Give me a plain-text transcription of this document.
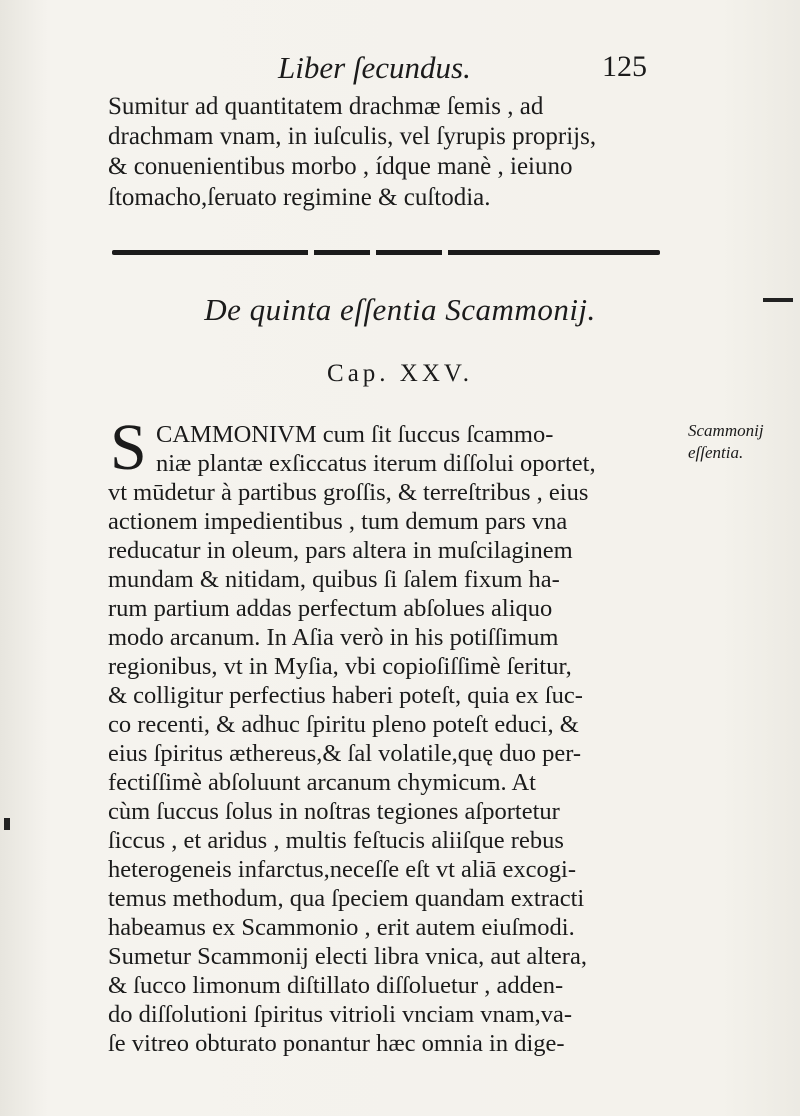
Liber ſecundus.	125
Sumitur ad quantitatem drachmæ ſemis , ad
drachmam vnam, in iuſculis, vel ſyrupis proprijs,
& conuenientibus morbo , ídque manè , ieiuno
ſtomacho,ſeruato regimine & cuſtodia.
De quinta eſſentia Scammonij.
Cap. XXV.
S CAMMONIVM cum ſit ſuccus ſcammo-
niæ plantæ exſiccatus iterum diſſolui oportet,
vt mūdetur à partibus groſſis, & terreſtribus , eius
actionem impedientibus , tum demum pars vna
reducatur in oleum, pars altera in muſcilaginem
mundam & nitidam, quibus ſi ſalem fixum ha-
rum partium addas perfectum abſolues aliquo
modo arcanum. In Aſia verò in his potiſſimum
regionibus, vt in Myſia, vbi copioſiſſimè ſeritur,
& colligitur perfectius haberi poteſt, quia ex ſuc-
co recenti, & adhuc ſpiritu pleno poteſt educi, &
eius ſpiritus æthereus,& ſal volatile,quę duo per-
fectiſſimè abſoluunt arcanum chymicum. At
cùm ſuccus ſolus in noſtras tegiones aſportetur
ſiccus , et aridus , multis feſtucis aliiſque rebus
heterogeneis infarctus,neceſſe eſt vt aliā excogi-
temus methodum, qua ſpeciem quandam extracti
habeamus ex Scammonio , erit autem eiuſmodi.
Sumetur Scammonij electi libra vnica, aut altera,
& ſucco limonum diſtillato diſſoluetur , adden-
do diſſolutioni ſpiritus vitrioli vnciam vnam,va-
ſe vitreo obturato ponantur hæc omnia in dige-
Scammonij
eſſentia.
